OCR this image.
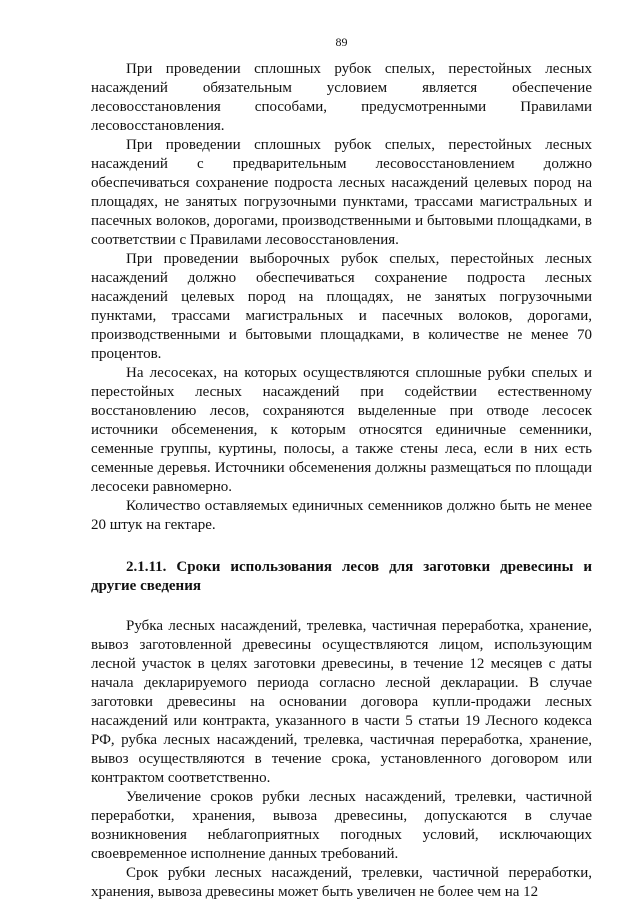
89

При проведении сплошных рубок спелых, перестойных лесных насаждений обязательным условием является обеспечение лесовосстановления способами, предусмотренными Правилами лесовосстановления.

При проведении сплошных рубок спелых, перестойных лесных насаждений с предварительным лесовосстановлением должно обеспечиваться сохранение подроста лесных насаждений целевых пород на площадях, не занятых погрузочными пунктами, трассами магистральных и пасечных волоков, дорогами, производственными и бытовыми площадками, в соответствии с Правилами лесовосстановления.

При проведении выборочных рубок спелых, перестойных лесных насаждений должно обеспечиваться сохранение подроста лесных насаждений целевых пород на площадях, не занятых погрузочными пунктами, трассами магистральных и пасечных волоков, дорогами, производственными и бытовыми площадками, в количестве не менее 70 процентов.

На лесосеках, на которых осуществляются сплошные рубки спелых и перестойных лесных насаждений при содействии естественному восстановлению лесов, сохраняются выделенные при отводе лесосек источники обсеменения, к которым относятся единичные семенники, семенные группы, куртины, полосы, а также стены леса, если в них есть семенные деревья. Источники обсеменения должны размещаться по площади лесосеки равномерно.

Количество оставляемых единичных семенников должно быть не менее 20 штук на гектаре.

2.1.11. Сроки использования лесов для заготовки древесины и другие сведения

Рубка лесных насаждений, трелевка, частичная переработка, хранение, вывоз заготовленной древесины осуществляются лицом, использующим лесной участок в целях заготовки древесины, в течение 12 месяцев с даты начала декларируемого периода согласно лесной декларации. В случае заготовки древесины на основании договора купли-продажи лесных насаждений или контракта, указанного в части 5 статьи 19 Лесного кодекса РФ, рубка лесных насаждений, трелевка, частичная переработка, хранение, вывоз осуществляются в течение срока, установленного договором или контрактом соответственно.

Увеличение сроков рубки лесных насаждений, трелевки, частичной переработки, хранения, вывоза древесины, допускаются в случае возникновения неблагоприятных погодных условий, исключающих своевременное исполнение данных требований.

Срок рубки лесных насаждений, трелевки, частичной переработки, хранения, вывоза древесины может быть увеличен не более чем на 12
